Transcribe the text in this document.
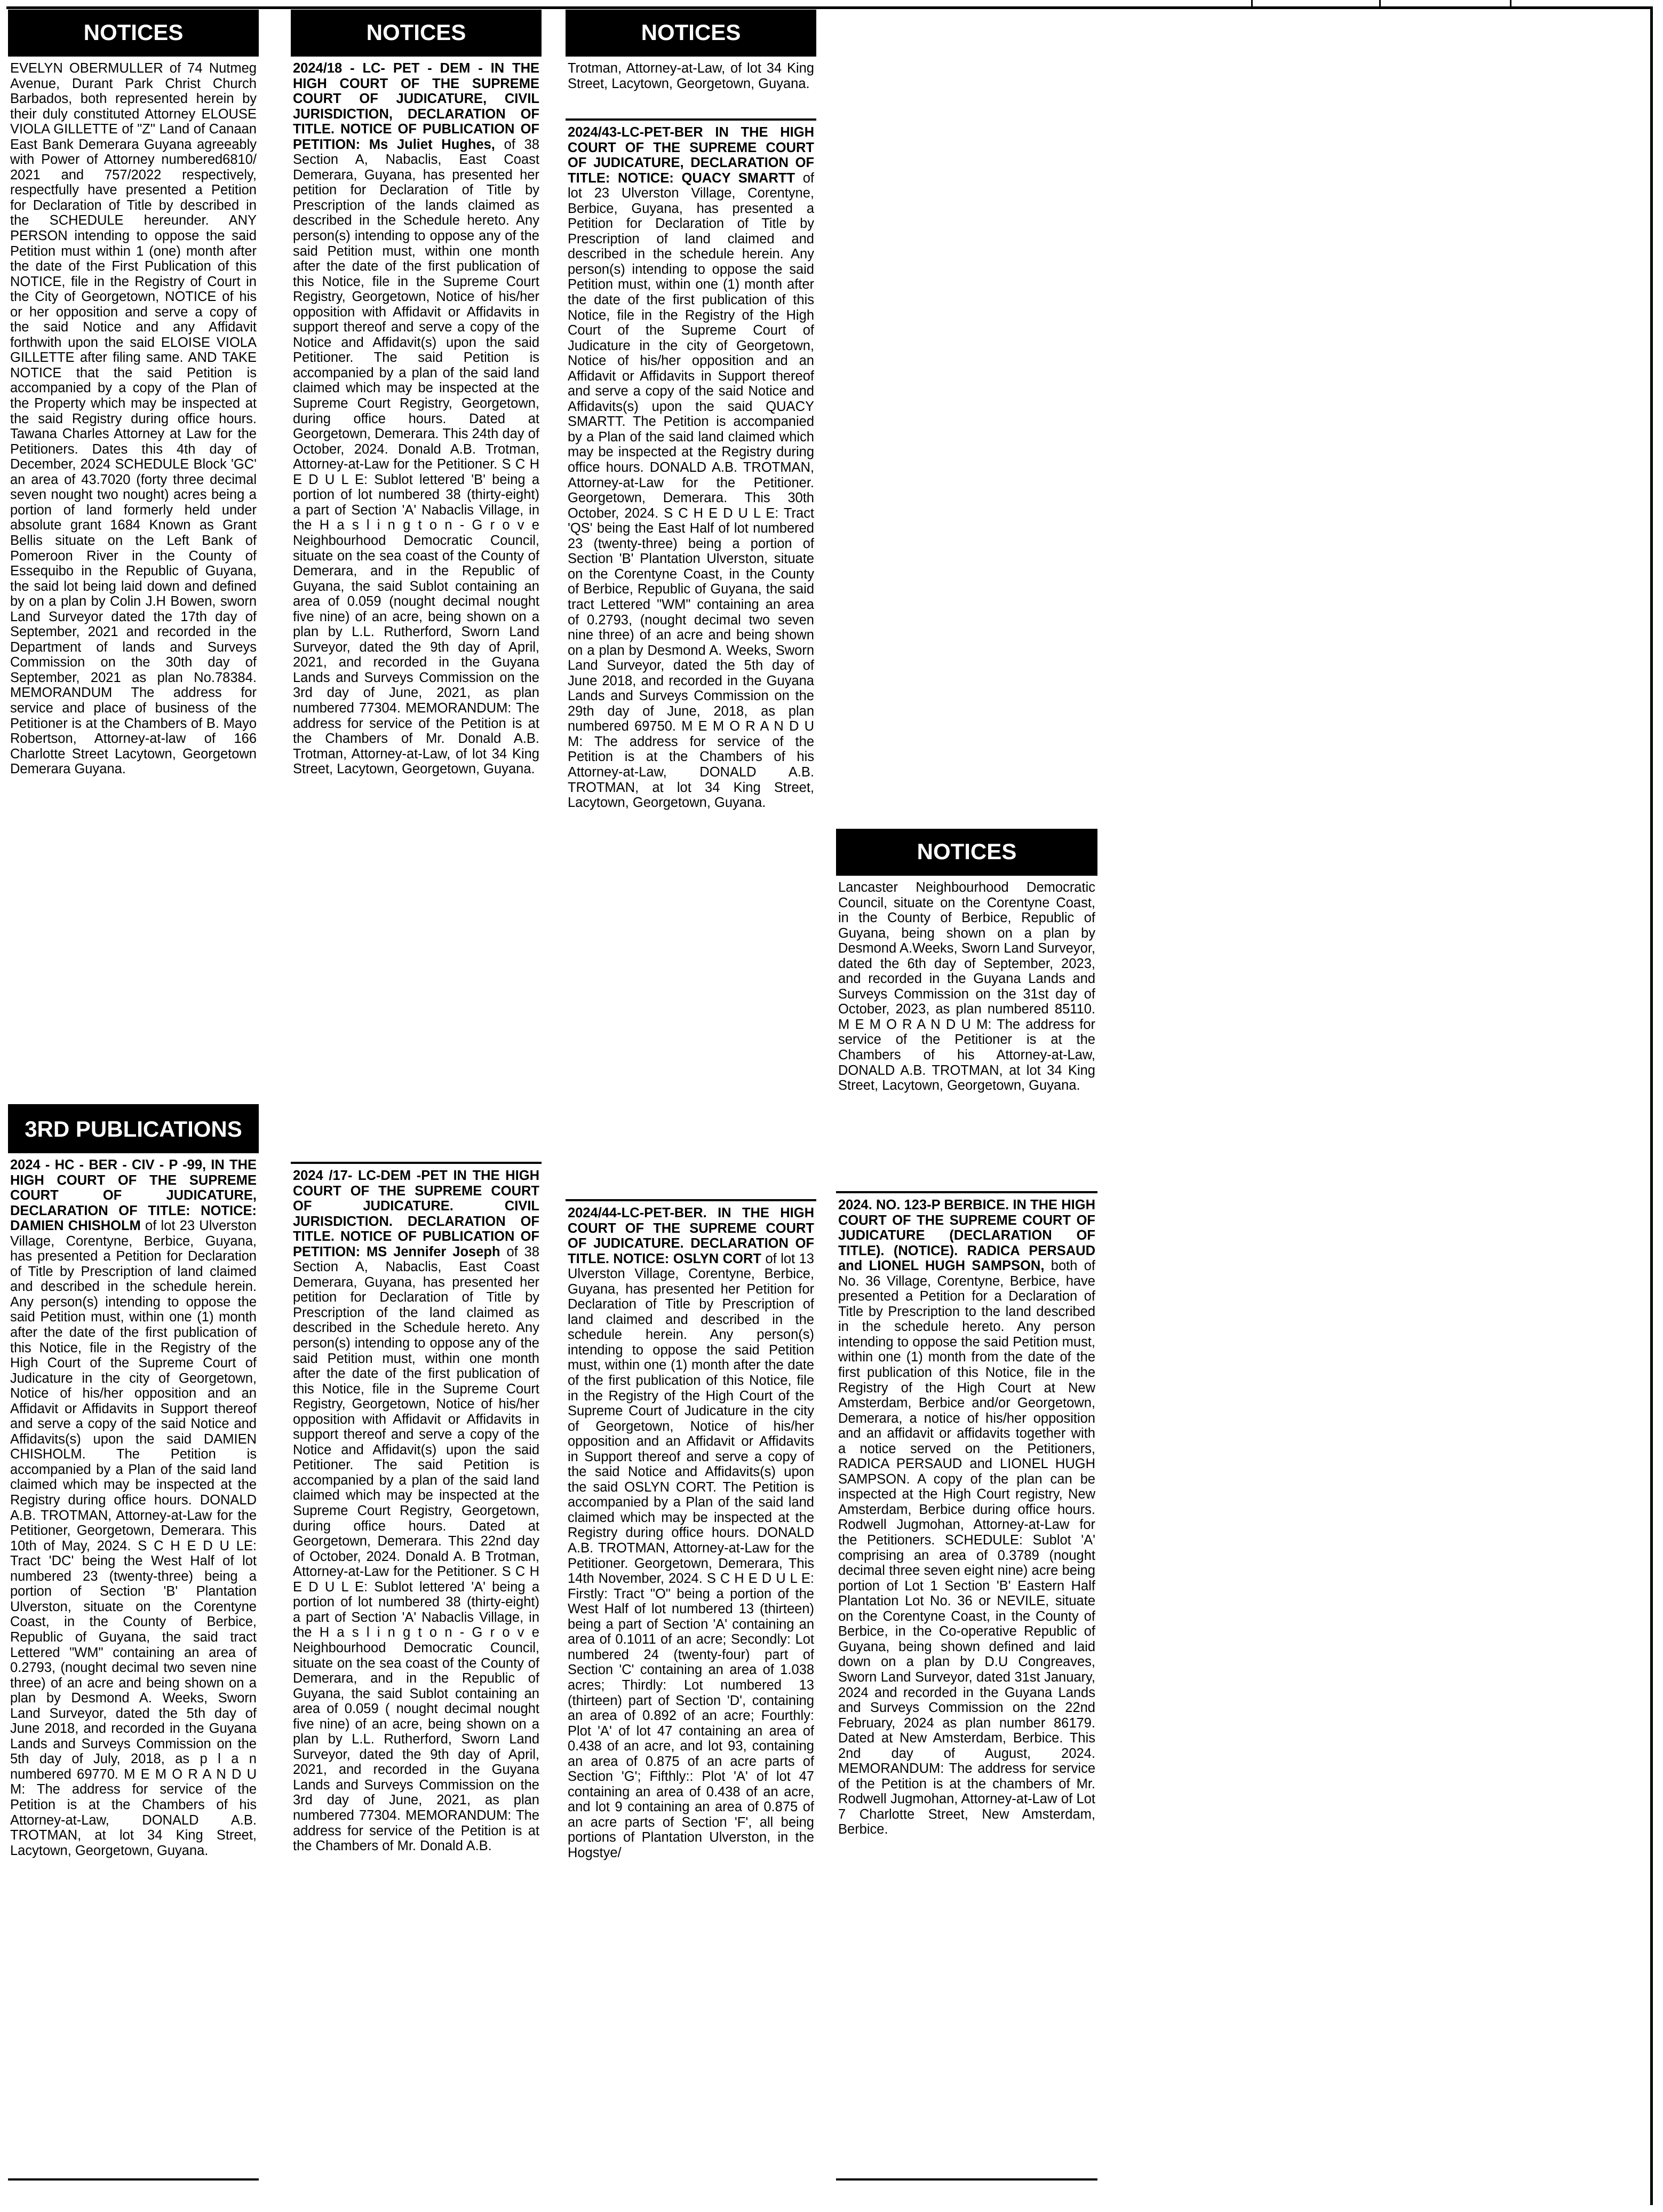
NOTICES
EVELYN OBERMULLER of 74 Nutmeg Avenue, Durant Park Christ Church Barbados, both represented herein by their duly constituted Attorney ELOUSE VIOLA GILLETTE of "Z" Land of Canaan East Bank Demerara Guyana agreeably with Power of Attorney numbered6810/ 2021 and 757/2022 respectively, respectfully have presented a Petition for Declaration of Title by described in the SCHEDULE hereunder. ANY PERSON intending to oppose the said Petition must within 1 (one) month after the date of the First Publication of this NOTICE, file in the Registry of Court in the City of Georgetown, NOTICE of his or her opposition and serve a copy of the said Notice and any Affidavit forthwith upon the said ELOISE VIOLA GILLETTE after filing same. AND TAKE NOTICE that the said Petition is accompanied by a copy of the Plan of the Property which may be inspected at the said Registry during office hours. Tawana Charles Attorney at Law for the Petitioners. Dates this 4th day of December, 2024 SCHEDULE Block 'GC' an area of 43.7020 (forty three decimal seven nought two nought) acres being a portion of land formerly held under absolute grant 1684 Known as Grant Bellis situate on the Left Bank of Pomeroon River in the County of Essequibo in the Republic of Guyana, the said lot being laid down and defined by on a plan by Colin J.H Bowen, sworn Land Surveyor dated the 17th day of September, 2021 and recorded in the Department of lands and Surveys Commission on the 30th day of September, 2021 as plan No.78384. MEMORANDUM The address for service and place of business of the Petitioner is at the Chambers of B. Mayo Robertson, Attorney-at-law of 166 Charlotte Street Lacytown, Georgetown Demerara Guyana.
3RD PUBLICATIONS
2024 - HC - BER - CIV - P -99, IN THE HIGH COURT OF THE SUPREME COURT OF JUDICATURE, DECLARATION OF TITLE: NOTICE: DAMIEN CHISHOLM of lot 23 Ulverston Village, Corentyne, Berbice, Guyana, has presented a Petition for Declaration of Title by Prescription of land claimed and described in the schedule herein. Any person(s) intending to oppose the said Petition must, within one (1) month after the date of the first publication of this Notice, file in the Registry of the High Court of the Supreme Court of Judicature in the city of Georgetown, Notice of his/her opposition and an Affidavit or Affidavits in Support thereof and serve a copy of the said Notice and Affidavits(s) upon the said DAMIEN CHISHOLM. The Petition is accompanied by a Plan of the said land claimed which may be inspected at the Registry during office hours. DONALD A.B. TROTMAN, Attorney-at-Law for the Petitioner, Georgetown, Demerara. This 10th of May, 2024. S C H E D U LE: Tract 'DC' being the West Half of lot numbered 23 (twenty-three) being a portion of Section 'B' Plantation Ulverston, situate on the Corentyne Coast, in the County of Berbice, Republic of Guyana, the said tract Lettered "WM" containing an area of 0.2793, (nought decimal two seven nine three) of an acre and being shown on a plan by Desmond A. Weeks, Sworn Land Surveyor, dated the 5th day of June 2018, and recorded in the Guyana Lands and Surveys Commission on the 5th day of July, 2018, as p l a n numbered 69770. M E M O R A N D U M: The address for service of the Petition is at the Chambers of his Attorney-at-Law, DONALD A.B. TROTMAN, at lot 34 King Street, Lacytown, Georgetown, Guyana.
NOTICES
2024/18 - LC- PET - DEM - IN THE HIGH COURT OF THE SUPREME COURT OF JUDICATURE, CIVIL JURISDICTION, DECLARATION OF TITLE. NOTICE OF PUBLICATION OF PETITION: Ms Juliet Hughes, of 38 Section A, Nabaclis, East Coast Demerara, Guyana, has presented her petition for Declaration of Title by Prescription of the lands claimed as described in the Schedule hereto. Any person(s) intending to oppose any of the said Petition must, within one month after the date of the first publication of this Notice, file in the Supreme Court Registry, Georgetown, Notice of his/her opposition with Affidavit or Affidavits in support thereof and serve a copy of the Notice and Affidavit(s) upon the said Petitioner. The said Petition is accompanied by a plan of the said land claimed which may be inspected at the Supreme Court Registry, Georgetown, during office hours. Dated at Georgetown, Demerara. This 24th day of October, 2024. Donald A.B. Trotman, Attorney-at-Law for the Petitioner. S C H E D U L E: Sublot lettered 'B' being a portion of lot numbered 38 (thirty-eight) a part of Section 'A' Nabaclis Village, in the H a s l i n g t o n - G r o v e Neighbourhood Democratic Council, situate on the sea coast of the County of Demerara, and in the Republic of Guyana, the said Sublot containing an area of 0.059 (nought decimal nought five nine) of an acre, being shown on a plan by L.L. Rutherford, Sworn Land Surveyor, dated the 9th day of April, 2021, and recorded in the Guyana Lands and Surveys Commission on the 3rd day of June, 2021, as plan numbered 77304. MEMORANDUM: The address for service of the Petition is at the Chambers of Mr. Donald A.B. Trotman, Attorney-at-Law, of lot 34 King Street, Lacytown, Georgetown, Guyana.
2024 /17- LC-DEM -PET IN THE HIGH COURT OF THE SUPREME COURT OF JUDICATURE. CIVIL JURISDICTION. DECLARATION OF TITLE. NOTICE OF PUBLICATION OF PETITION: MS Jennifer Joseph of 38 Section A, Nabaclis, East Coast Demerara, Guyana, has presented her petition for Declaration of Title by Prescription of the land claimed as described in the Schedule hereto. Any person(s) intending to oppose any of the said Petition must, within one month after the date of the first publication of this Notice, file in the Supreme Court Registry, Georgetown, Notice of his/her opposition with Affidavit or Affidavits in support thereof and serve a copy of the Notice and Affidavit(s) upon the said Petitioner. The said Petition is accompanied by a plan of the said land claimed which may be inspected at the Supreme Court Registry, Georgetown, during office hours. Dated at Georgetown, Demerara. This 22nd day of October, 2024. Donald A. B Trotman, Attorney-at-Law for the Petitioner. S C H E D U L E: Sublot lettered 'A' being a portion of lot numbered 38 (thirty-eight) a part of Section 'A' Nabaclis Village, in the H a s l i n g t o n - G r o v e Neighbourhood Democratic Council, situate on the sea coast of the County of Demerara, and in the Republic of Guyana, the said Sublot containing an area of 0.059 ( nought decimal nought five nine) of an acre, being shown on a plan by L.L. Rutherford, Sworn Land Surveyor, dated the 9th day of April, 2021, and recorded in the Guyana Lands and Surveys Commission on the 3rd day of June, 2021, as plan numbered 77304. MEMORANDUM: The address for service of the Petition is at the Chambers of Mr. Donald A.B.
NOTICES
Trotman, Attorney-at-Law, of lot 34 King Street, Lacytown, Georgetown, Guyana.
2024/43-LC-PET-BER IN THE HIGH COURT OF THE SUPREME COURT OF JUDICATURE, DECLARATION OF TITLE: NOTICE: QUACY SMARTT of lot 23 Ulverston Village, Corentyne, Berbice, Guyana, has presented a Petition for Declaration of Title by Prescription of land claimed and described in the schedule herein. Any person(s) intending to oppose the said Petition must, within one (1) month after the date of the first publication of this Notice, file in the Registry of the High Court of the Supreme Court of Judicature in the city of Georgetown, Notice of his/her opposition and an Affidavit or Affidavits in Support thereof and serve a copy of the said Notice and Affidavits(s) upon the said QUACY SMARTT. The Petition is accompanied by a Plan of the said land claimed which may be inspected at the Registry during office hours. DONALD A.B. TROTMAN, Attorney-at-Law for the Petitioner. Georgetown, Demerara. This 30th October, 2024. S C H E D U L E: Tract 'QS' being the East Half of lot numbered 23 (twenty-three) being a portion of Section 'B' Plantation Ulverston, situate on the Corentyne Coast, in the County of Berbice, Republic of Guyana, the said tract Lettered "WM" containing an area of 0.2793, (nought decimal two seven nine three) of an acre and being shown on a plan by Desmond A. Weeks, Sworn Land Surveyor, dated the 5th day of June 2018, and recorded in the Guyana Lands and Surveys Commission on the 29th day of June, 2018, as plan numbered 69750. M E M O R A N D U M: The address for service of the Petition is at the Chambers of his Attorney-at-Law, DONALD A.B. TROTMAN, at lot 34 King Street, Lacytown, Georgetown, Guyana.
2024/44-LC-PET-BER. IN THE HIGH COURT OF THE SUPREME COURT OF JUDICATURE. DECLARATION OF TITLE. NOTICE: OSLYN CORT of lot 13 Ulverston Village, Corentyne, Berbice, Guyana, has presented her Petition for Declaration of Title by Prescription of land claimed and described in the schedule herein. Any person(s) intending to oppose the said Petition must, within one (1) month after the date of the first publication of this Notice, file in the Registry of the High Court of the Supreme Court of Judicature in the city of Georgetown, Notice of his/her opposition and an Affidavit or Affidavits in Support thereof and serve a copy of the said Notice and Affidavits(s) upon the said OSLYN CORT. The Petition is accompanied by a Plan of the said land claimed which may be inspected at the Registry during office hours. DONALD A.B. TROTMAN, Attorney-at-Law for the Petitioner. Georgetown, Demerara, This 14th November, 2024. S C H E D U L E: Firstly: Tract "O" being a portion of the West Half of lot numbered 13 (thirteen) being a part of Section 'A' containing an area of 0.1011 of an acre; Secondly: Lot numbered 24 (twenty-four) part of Section 'C' containing an area of 1.038 acres; Thirdly: Lot numbered 13 (thirteen) part of Section 'D', containing an area of 0.892 of an acre; Fourthly: Plot 'A' of lot 47 containing an area of 0.438 of an acre, and lot 93, containing an area of 0.875 of an acre parts of Section 'G'; Fifthly:: Plot 'A' of lot 47 containing an area of 0.438 of an acre, and lot 9 containing an area of 0.875 of an acre parts of Section 'F', all being portions of Plantation Ulverston, in the Hogstye/
NOTICES
Lancaster Neighbourhood Democratic Council, situate on the Corentyne Coast, in the County of Berbice, Republic of Guyana, being shown on a plan by Desmond A.Weeks, Sworn Land Surveyor, dated the 6th day of September, 2023, and recorded in the Guyana Lands and Surveys Commission on the 31st day of October, 2023, as plan numbered 85110. M E M O R A N D U M: The address for service of the Petitioner is at the Chambers of his Attorney-at-Law, DONALD A.B. TROTMAN, at lot 34 King Street, Lacytown, Georgetown, Guyana.
2024. NO. 123-P BERBICE. IN THE HIGH COURT OF THE SUPREME COURT OF JUDICATURE (DECLARATION OF TITLE). (NOTICE). RADICA PERSAUD and LIONEL HUGH SAMPSON, both of No. 36 Village, Corentyne, Berbice, have presented a Petition for a Declaration of Title by Prescription to the land described in the schedule hereto. Any person intending to oppose the said Petition must, within one (1) month from the date of the first publication of this Notice, file in the Registry of the High Court at New Amsterdam, Berbice and/or Georgetown, Demerara, a notice of his/her opposition and an affidavit or affidavits together with a notice served on the Petitioners, RADICA PERSAUD and LIONEL HUGH SAMPSON. A copy of the plan can be inspected at the High Court registry, New Amsterdam, Berbice during office hours. Rodwell Jugmohan, Attorney-at-Law for the Petitioners. SCHEDULE: Sublot 'A' comprising an area of 0.3789 (nought decimal three seven eight nine) acre being portion of Lot 1 Section 'B' Eastern Half Plantation Lot No. 36 or NEVILE, situate on the Corentyne Coast, in the County of Berbice, in the Co-operative Republic of Guyana, being shown defined and laid down on a plan by D.U Congreaves, Sworn Land Surveyor, dated 31st January, 2024 and recorded in the Guyana Lands and Surveys Commission on the 22nd February, 2024 as plan number 86179. Dated at New Amsterdam, Berbice. This 2nd day of August, 2024. MEMORANDUM: The address for service of the Petition is at the chambers of Mr. Rodwell Jugmohan, Attorney-at-Law of Lot 7 Charlotte Street, New Amsterdam, Berbice.
